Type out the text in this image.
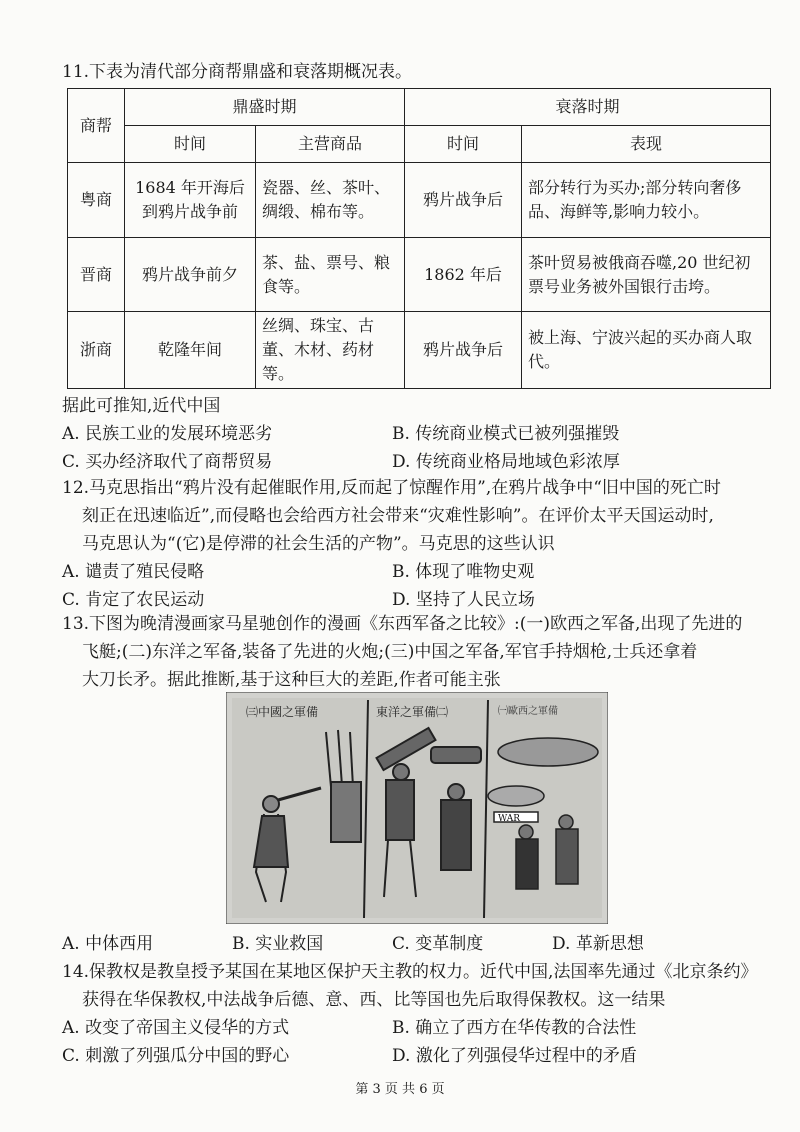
11.下表为清代部分商帮鼎盛和衰落期概况表。

商帮	鼎盛时期		衰落时期	
	时间	主营商品	时间	表现
粤商	1684 年开海后到鸦片战争前	瓷器、丝、茶叶、绸缎、棉布等。	鸦片战争后	部分转行为买办;部分转向奢侈品、海鲜等,影响力较小。
晋商	鸦片战争前夕	茶、盐、票号、粮食等。	1862 年后	茶叶贸易被俄商吞噬,20 世纪初票号业务被外国银行击垮。
浙商	乾隆年间	丝绸、珠宝、古董、木材、药材等。	鸦片战争后	被上海、宁波兴起的买办商人取代。

据此可推知,近代中国

A. 民族工业的发展环境恶劣	B. 传统商业模式已被列强摧毁
C. 买办经济取代了商帮贸易	D. 传统商业格局地域色彩浓厚

12.马克思指出“鸦片没有起催眠作用,反而起了惊醒作用”,在鸦片战争中“旧中国的死亡时

刻正在迅速临近”,而侵略也会给西方社会带来“灾难性影响”。在评价太平天国运动时,

马克思认为“(它)是停滞的社会生活的产物”。马克思的这些认识

A. 谴责了殖民侵略	B. 体现了唯物史观
C. 肯定了农民运动	D. 坚持了人民立场

13.下图为晚清漫画家马星驰创作的漫画《东西军备之比较》:(一)欧西之军备,出现了先进的

飞艇;(二)东洋之军备,装备了先进的火炮;(三)中国之军备,军官手持烟枪,士兵还拿着

大刀长矛。据此推断,基于这种巨大的差距,作者可能主张

㈢中國之軍備	東洋之軍備㈡	㈠歐西之軍備
WAR
A. 中体西用	B. 实业救国	C. 变革制度	D. 革新思想

14.保教权是教皇授予某国在某地区保护天主教的权力。近代中国,法国率先通过《北京条约》

获得在华保教权,中法战争后德、意、西、比等国也先后取得保教权。这一结果

A. 改变了帝国主义侵华的方式	B. 确立了西方在华传教的合法性
C. 刺激了列强瓜分中国的野心	D. 激化了列强侵华过程中的矛盾
第 3 页 共 6 页
